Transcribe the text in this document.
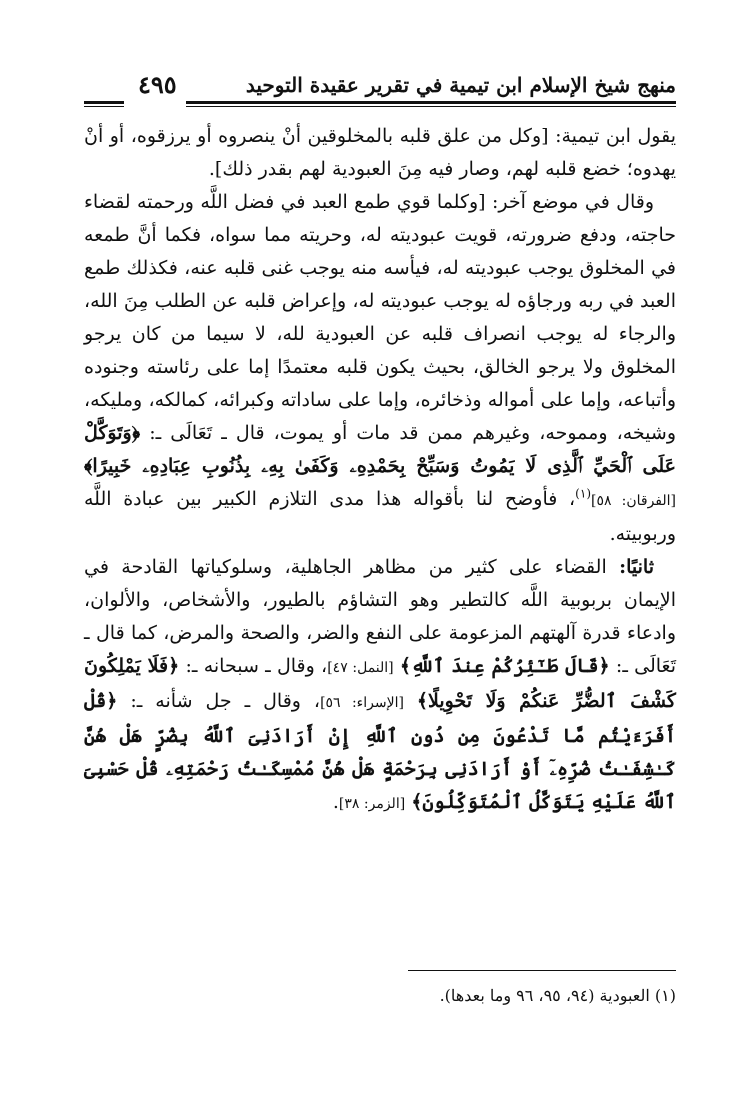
منهج شيخ الإسلام ابن تيمية في تقرير عقيدة التوحيد
٤٩٥

يقول ابن تيمية: [وكل من علق قلبه بالمخلوقين أنْ ينصروه أو يرزقوه، أو أنْ يهدوه؛ خضع قلبه لهم، وصار فيه مِنَ العبودية لهم بقدر ذلك].

وقال في موضع آخر: [وكلما قوي طمع العبد في فضل اللَّه ورحمته لقضاء حاجته، ودفع ضرورته، قويت عبوديته له، وحريته مما سواه، فكما أنَّ طمعه في المخلوق يوجب عبوديته له، فيأسه منه يوجب غنى قلبه عنه، فكذلك طمع العبد في ربه ورجاؤه له يوجب عبوديته له، وإعراض قلبه عن الطلب مِنَ الله، والرجاء له يوجب انصراف قلبه عن العبودية لله، لا سيما من كان يرجو المخلوق ولا يرجو الخالق، بحيث يكون قلبه معتمدًا إما على رئاسته وجنوده وأتباعه، وإما على أمواله وذخائره، وإما على ساداته وكبرائه، كمالكه، ومليكه، وشيخه، ومموحه، وغيرهم ممن قد مات أو يموت، قال ـ تَعَالَى ـ: ﴿وَتَوَكَّلْ عَلَى ٱلْحَيِّ ٱلَّذِى لَا يَمُوتُ وَسَبِّحْ بِحَمْدِهِۦ وَكَفَىٰ بِهِۦ بِذُنُوبِ عِبَادِهِۦ خَبِيرًا﴾ [الفرقان: ٥٨]$^{(١)}$، فأوضح لنا بأقواله هذا مدى التلازم الكبير بين عبادة اللَّه وربوبيته.

ثانيًا: القضاء على كثير من مظاهر الجاهلية، وسلوكياتها القادحة في الإيمان بربوبية اللَّه كالتطير وهو التشاؤم بالطيور، والأشخاص، والألوان، وادعاء قدرة آلهتهم المزعومة على النفع والضر، والصحة والمرض، كما قال ـ تَعَالَى ـ: ﴿قَالَ طَـٰٓئِرُكُمْ عِندَ ٱللَّهِ﴾ [النمل: ٤٧]، وقال ـ سبحانه ـ: ﴿فَلَا يَمْلِكُونَ كَشْفَ ٱلضُّرِّ عَنكُمْ وَلَا تَحْوِيلًا﴾ [الإسراء: ٥٦]، وقال ـ جل شأنه ـ: ﴿قُلْ أَفَرَءَيْتُم مَّا تَدْعُونَ مِن دُونِ ٱللَّهِ إِنْ أَرَادَنِىَ ٱللَّهُ بِضُرٍّ هَلْ هُنَّ كَـٰشِفَـٰتُ ضُرِّهِۦٓ أَوْ أَرَادَنِى بِرَحْمَةٍ هَلْ هُنَّ مُمْسِكَـٰتُ رَحْمَتِهِۦ قُلْ حَسْبِىَ ٱللَّهُ عَلَيْهِ يَتَوَكَّلُ ٱلْمُتَوَكِّلُونَ﴾ [الزمر: ٣٨].

(١) العبودية (٩٤، ٩٥، ٩٦ وما بعدها).
